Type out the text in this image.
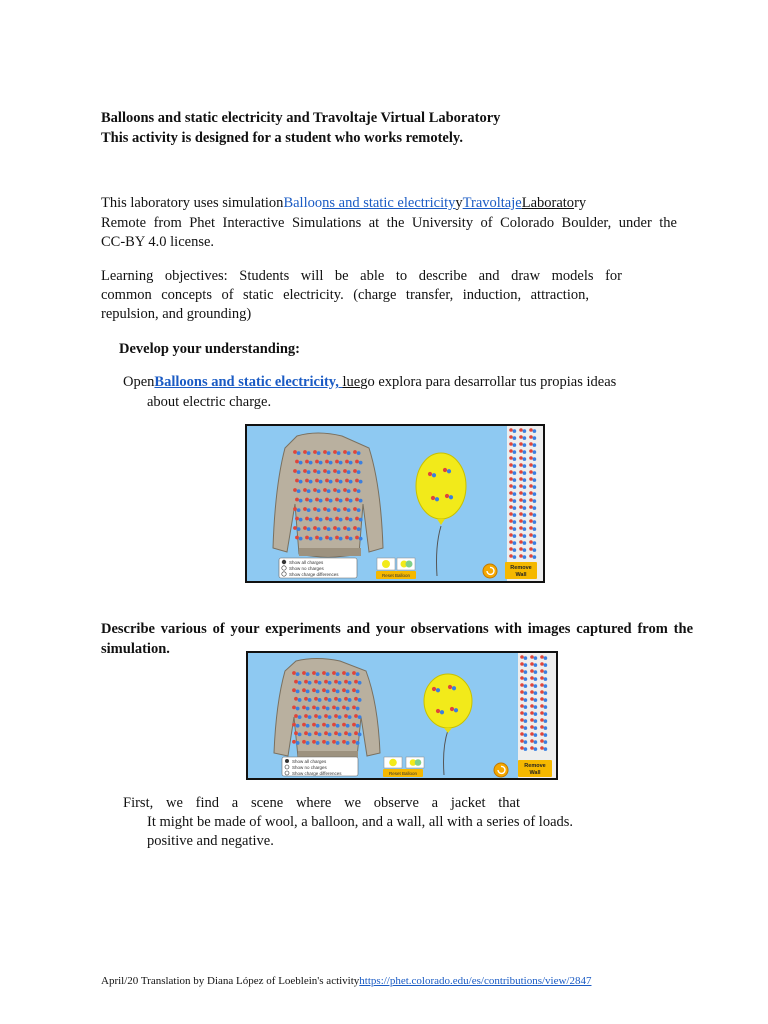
Balloons and static electricity and Travoltaje Virtual Laboratory
This activity is designed for a student who works remotely.
This laboratory uses simulationBalloons and static electricityyTravoltajeLaboratory
Remote from Phet Interactive Simulations at the University of Colorado Boulder, under the
CC-BY 4.0 license.
Learning objectives: Students will be able to describe and draw models for
common concepts of static electricity. (charge transfer, induction, attraction,
repulsion, and grounding)
Develop your understanding:
OpenBalloons and static electricity, luego explora para desarrollar tus propias ideas
about electric charge.
Show all charges
Show no charges
Show charge differences	Reset Balloon
Remove
Wall
Describe various of your experiments and your observations with images captured from the
simulation.
Show all charges
Show no charges
Show charge differences	Reset Balloon
Remove
Wall
First, we find a scene where we observe a jacket that
It might be made of wool, a balloon, and a wall, all with a series of loads.
positive and negative.
April/20 Translation by Diana López of Loeblein's activityhttps://phet.colorado.edu/es/contributions/view/2847
